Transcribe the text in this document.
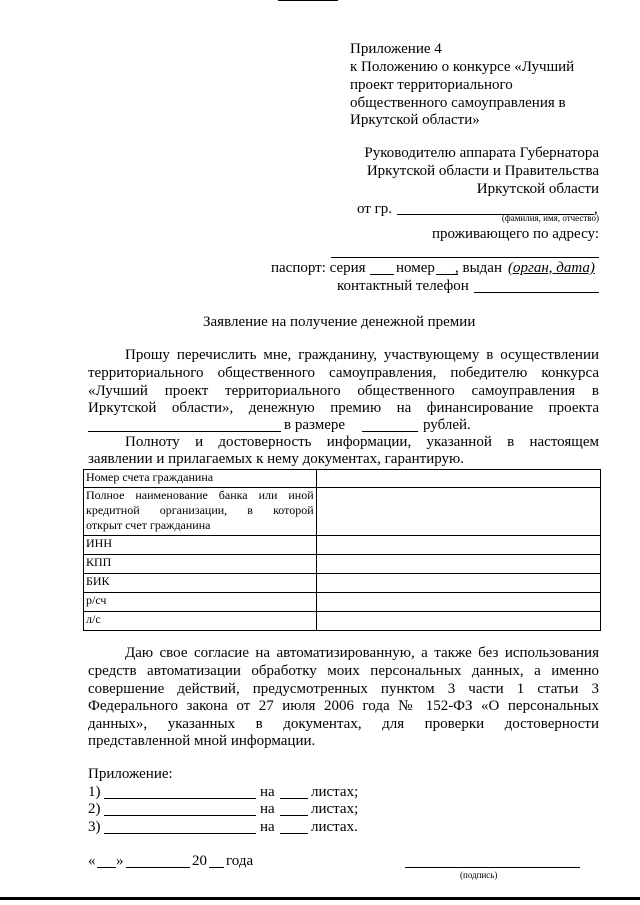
Приложение 4
к Положению о конкурсе «Лучший
проект территориального
общественного самоуправления в
Иркутской области»
Руководителю аппарата Губернатора
Иркутской области и Правительства
Иркутской области
от гр.	,
(фамилия, имя, отчество)
проживающего по адресу:
паспорт: серия номер , выдан (орган, дата)
контактный телефон
Заявление на получение денежной премии
Прошу перечислить мне, гражданину, участвующему в осуществлении
территориального общественного самоуправления, победителю конкурса
«Лучший проект территориального общественного самоуправления в
Иркутской области», денежную премию на финансирование проекта
в размере	рублей.
Полноту и достоверность информации, указанной в настоящем
заявлении и прилагаемых к нему документах, гарантирую.
Номер счета гражданина	

Полное наименование банка или иной
кредитной организации, в которой
открыт счет гражданина	

ИНН	
КПП	
БИК	
р/сч	
л/с	
Даю свое согласие на автоматизированную, а также без использования
средств автоматизации обработку моих персональных данных, а именно
совершение действий, предусмотренных пунктом 3 части 1 статьи 3
Федерального закона от 27 июля 2006 года № 152-ФЗ «О персональных
данных», указанных в документах, для проверки достоверности
представленной мной информации.
Приложение:
1)	на листах;
2)	на листах;
3)	на листах.
« »	20 года
(подпись)
